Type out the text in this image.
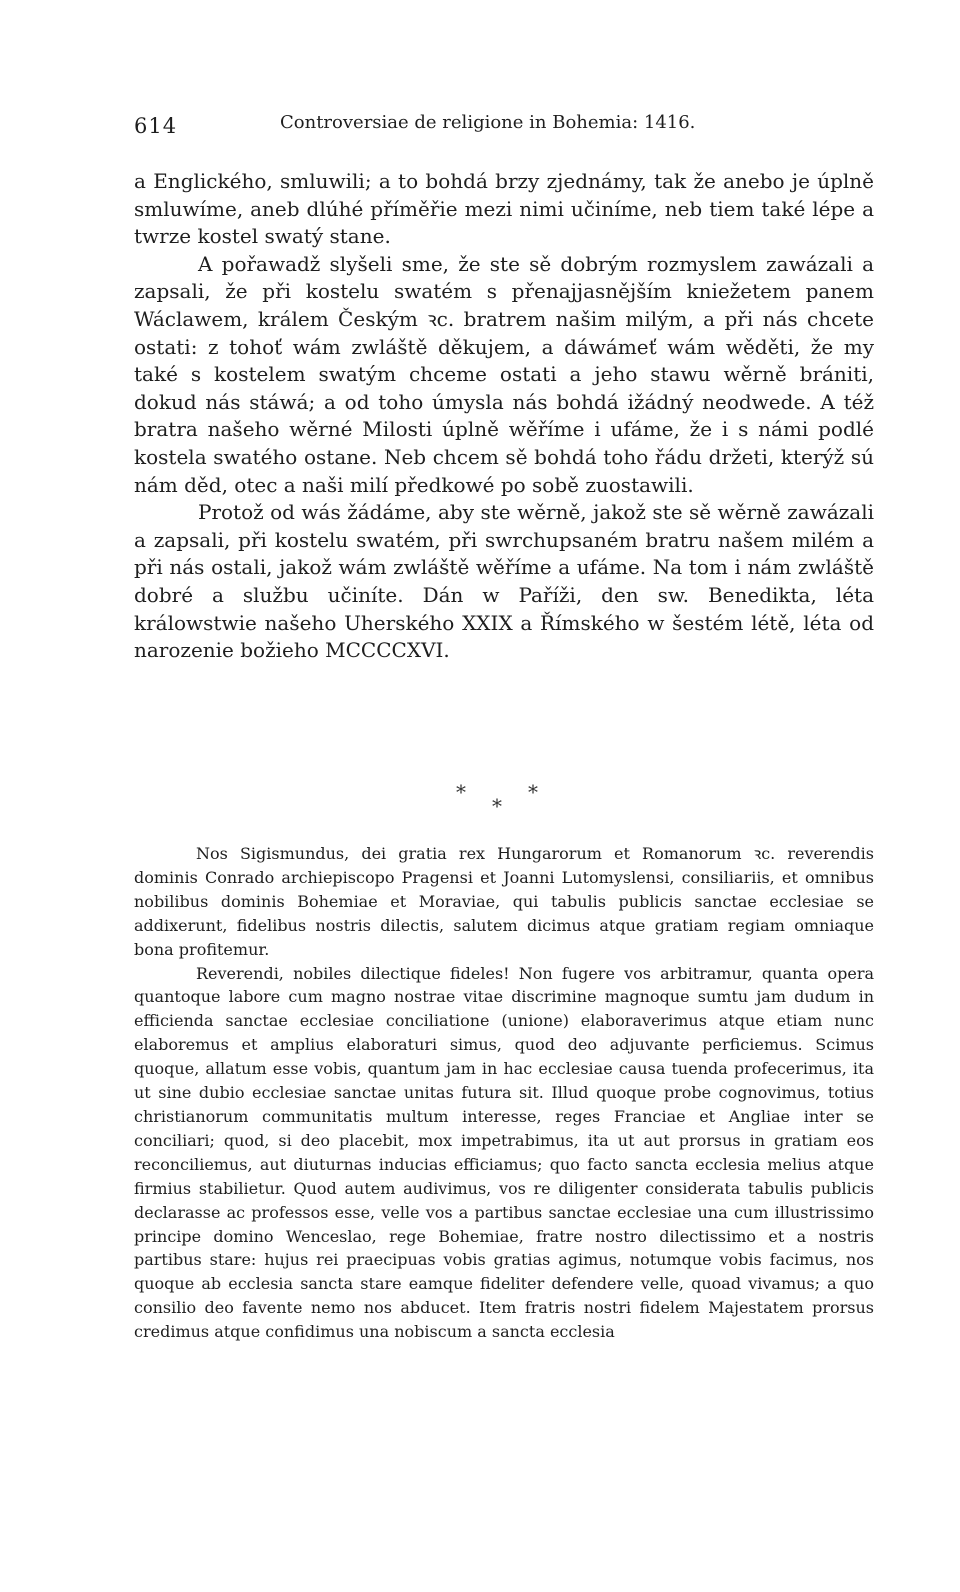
614	Controversiae de religione in Bohemia: 1416.

a Englického, smluwili; a to bohdá brzy zjednámy, tak že anebo je úplně smluwíme, aneb dlúhé příměřie mezi nimi učiníme, neb tiem také lépe a twrze kostel swatý stane.

A pořawadž slyšeli sme, že ste sě dobrým rozmyslem zawázali a zapsali, že při kostelu swatém s přenajjasnějším kniežetem panem Wáclawem, králem Českým ꝛc. bratrem našim milým, a při nás chcete ostati: z tohoť wám zwláště děkujem, a dáwámeť wám wěděti, že my také s kostelem swatým chceme ostati a jeho stawu wěrně brániti, dokud nás stáwá; a od toho úmysla nás bohdá ižádný neodwede. A též bratra našeho wěrné Milosti úplně wěříme i ufáme, že i s námi podlé kostela swatého ostane. Neb chcem sě bohdá toho řádu držeti, kterýž sú nám děd, otec a naši milí předkowé po sobě zuostawili.

Protož od wás žádáme, aby ste wěrně, jakož ste sě wěrně zawázali a zapsali, při kostelu swatém, při swrchupsaném bratru našem milém a při nás ostali, jakož wám zwláště wěříme a ufáme. Na tom i nám zwláště dobré a službu učiníte. Dán w Paříži, den sw. Benedikta, léta králowstwie našeho Uherského XXIX a Římského w šestém létě, léta od narozenie božieho MCCCCXVI.

*	*
*

Nos Sigismundus, dei gratia rex Hungarorum et Romanorum ꝛc. reverendis dominis Conrado archiepiscopo Pragensi et Joanni Lutomyslensi, consiliariis, et omnibus nobilibus dominis Bohemiae et Moraviae, qui tabulis publicis sanctae ecclesiae se addixerunt, fidelibus nostris dilectis, salutem dicimus atque gratiam regiam omniaque bona profitemur.

Reverendi, nobiles dilectique fideles! Non fugere vos arbitramur, quanta opera quantoque labore cum magno nostrae vitae discrimine magnoque sumtu jam dudum in efficienda sanctae ecclesiae conciliatione (unione) elaboraverimus atque etiam nunc elaboremus et amplius elaboraturi simus, quod deo adjuvante perficiemus. Scimus quoque, allatum esse vobis, quantum jam in hac ecclesiae causa tuenda profecerimus, ita ut sine dubio ecclesiae sanctae unitas futura sit. Illud quoque probe cognovimus, totius christianorum communitatis multum interesse, reges Franciae et Angliae inter se conciliari; quod, si deo placebit, mox impetrabimus, ita ut aut prorsus in gratiam eos reconciliemus, aut diuturnas inducias efficiamus; quo facto sancta ecclesia melius atque firmius stabilietur. Quod autem audivimus, vos re diligenter considerata tabulis publicis declarasse ac professos esse, velle vos a partibus sanctae ecclesiae una cum illustrissimo principe domino Wenceslao, rege Bohemiae, fratre nostro dilectissimo et a nostris partibus stare: hujus rei praecipuas vobis gratias agimus, notumque vobis facimus, nos quoque ab ecclesia sancta stare eamque fideliter defendere velle, quoad vivamus; a quo consilio deo favente nemo nos abducet. Item fratris nostri fidelem Majestatem prorsus credimus atque confidimus una nobiscum a sancta ecclesia
